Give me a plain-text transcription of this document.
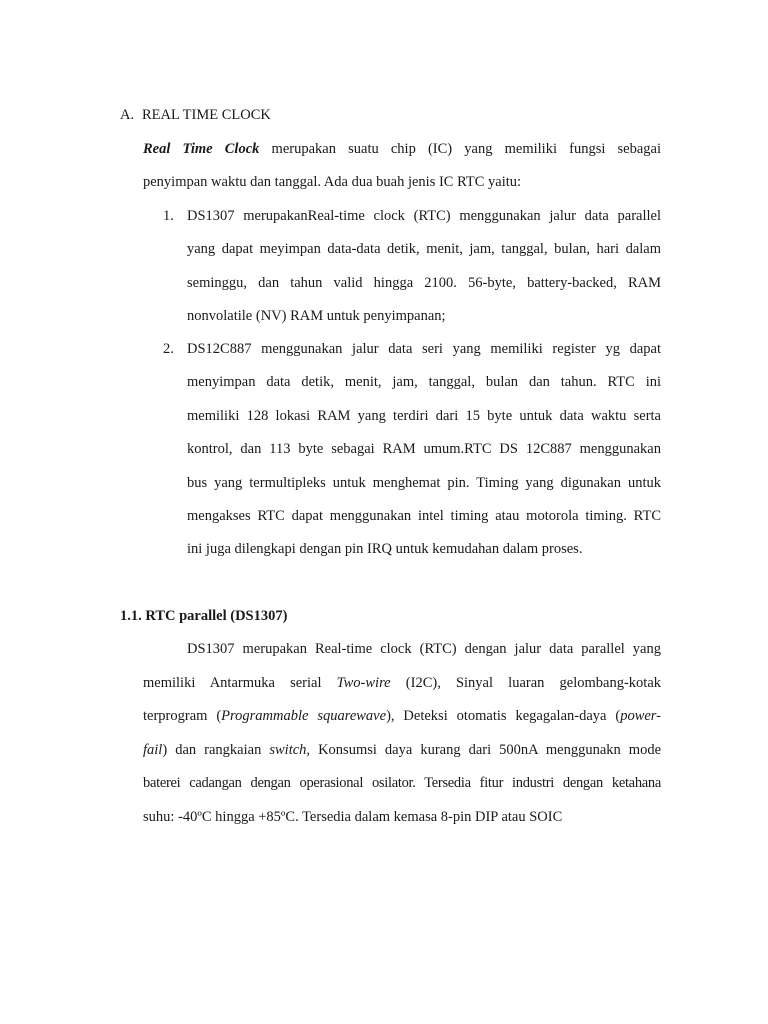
A. REAL TIME CLOCK
Real Time Clock merupakan suatu chip (IC) yang memiliki fungsi sebagai
penyimpan waktu dan tanggal. Ada dua buah jenis IC RTC yaitu:
1. DS1307 merupakanReal-time clock (RTC) menggunakan jalur data parallel
yang dapat meyimpan data-data detik, menit, jam, tanggal, bulan, hari dalam
seminggu, dan tahun valid hingga 2100. 56-byte, battery-backed, RAM
nonvolatile (NV) RAM untuk penyimpanan;
2. DS12C887 menggunakan jalur data seri yang memiliki register yg dapat
menyimpan data detik, menit, jam, tanggal, bulan dan tahun. RTC ini
memiliki 128 lokasi RAM yang terdiri dari 15 byte untuk data waktu serta
kontrol, dan 113 byte sebagai RAM umum.RTC DS 12C887 menggunakan
bus yang termultipleks untuk menghemat pin. Timing yang digunakan untuk
mengakses RTC dapat menggunakan intel timing atau motorola timing. RTC
ini juga dilengkapi dengan pin IRQ untuk kemudahan dalam proses.
1.1. RTC parallel (DS1307)
DS1307 merupakan Real-time clock (RTC) dengan jalur data parallel yang
memiliki Antarmuka serial Two-wire (I2C), Sinyal luaran gelombang-kotak
terprogram (Programmable squarewave), Deteksi otomatis kegagalan-daya (power-
fail) dan rangkaian switch, Konsumsi daya kurang dari 500nA menggunakn mode
baterei cadangan dengan operasional osilator. Tersedia fitur industri dengan ketahana
suhu: -40ºC hingga +85ºC. Tersedia dalam kemasa 8-pin DIP atau SOIC
